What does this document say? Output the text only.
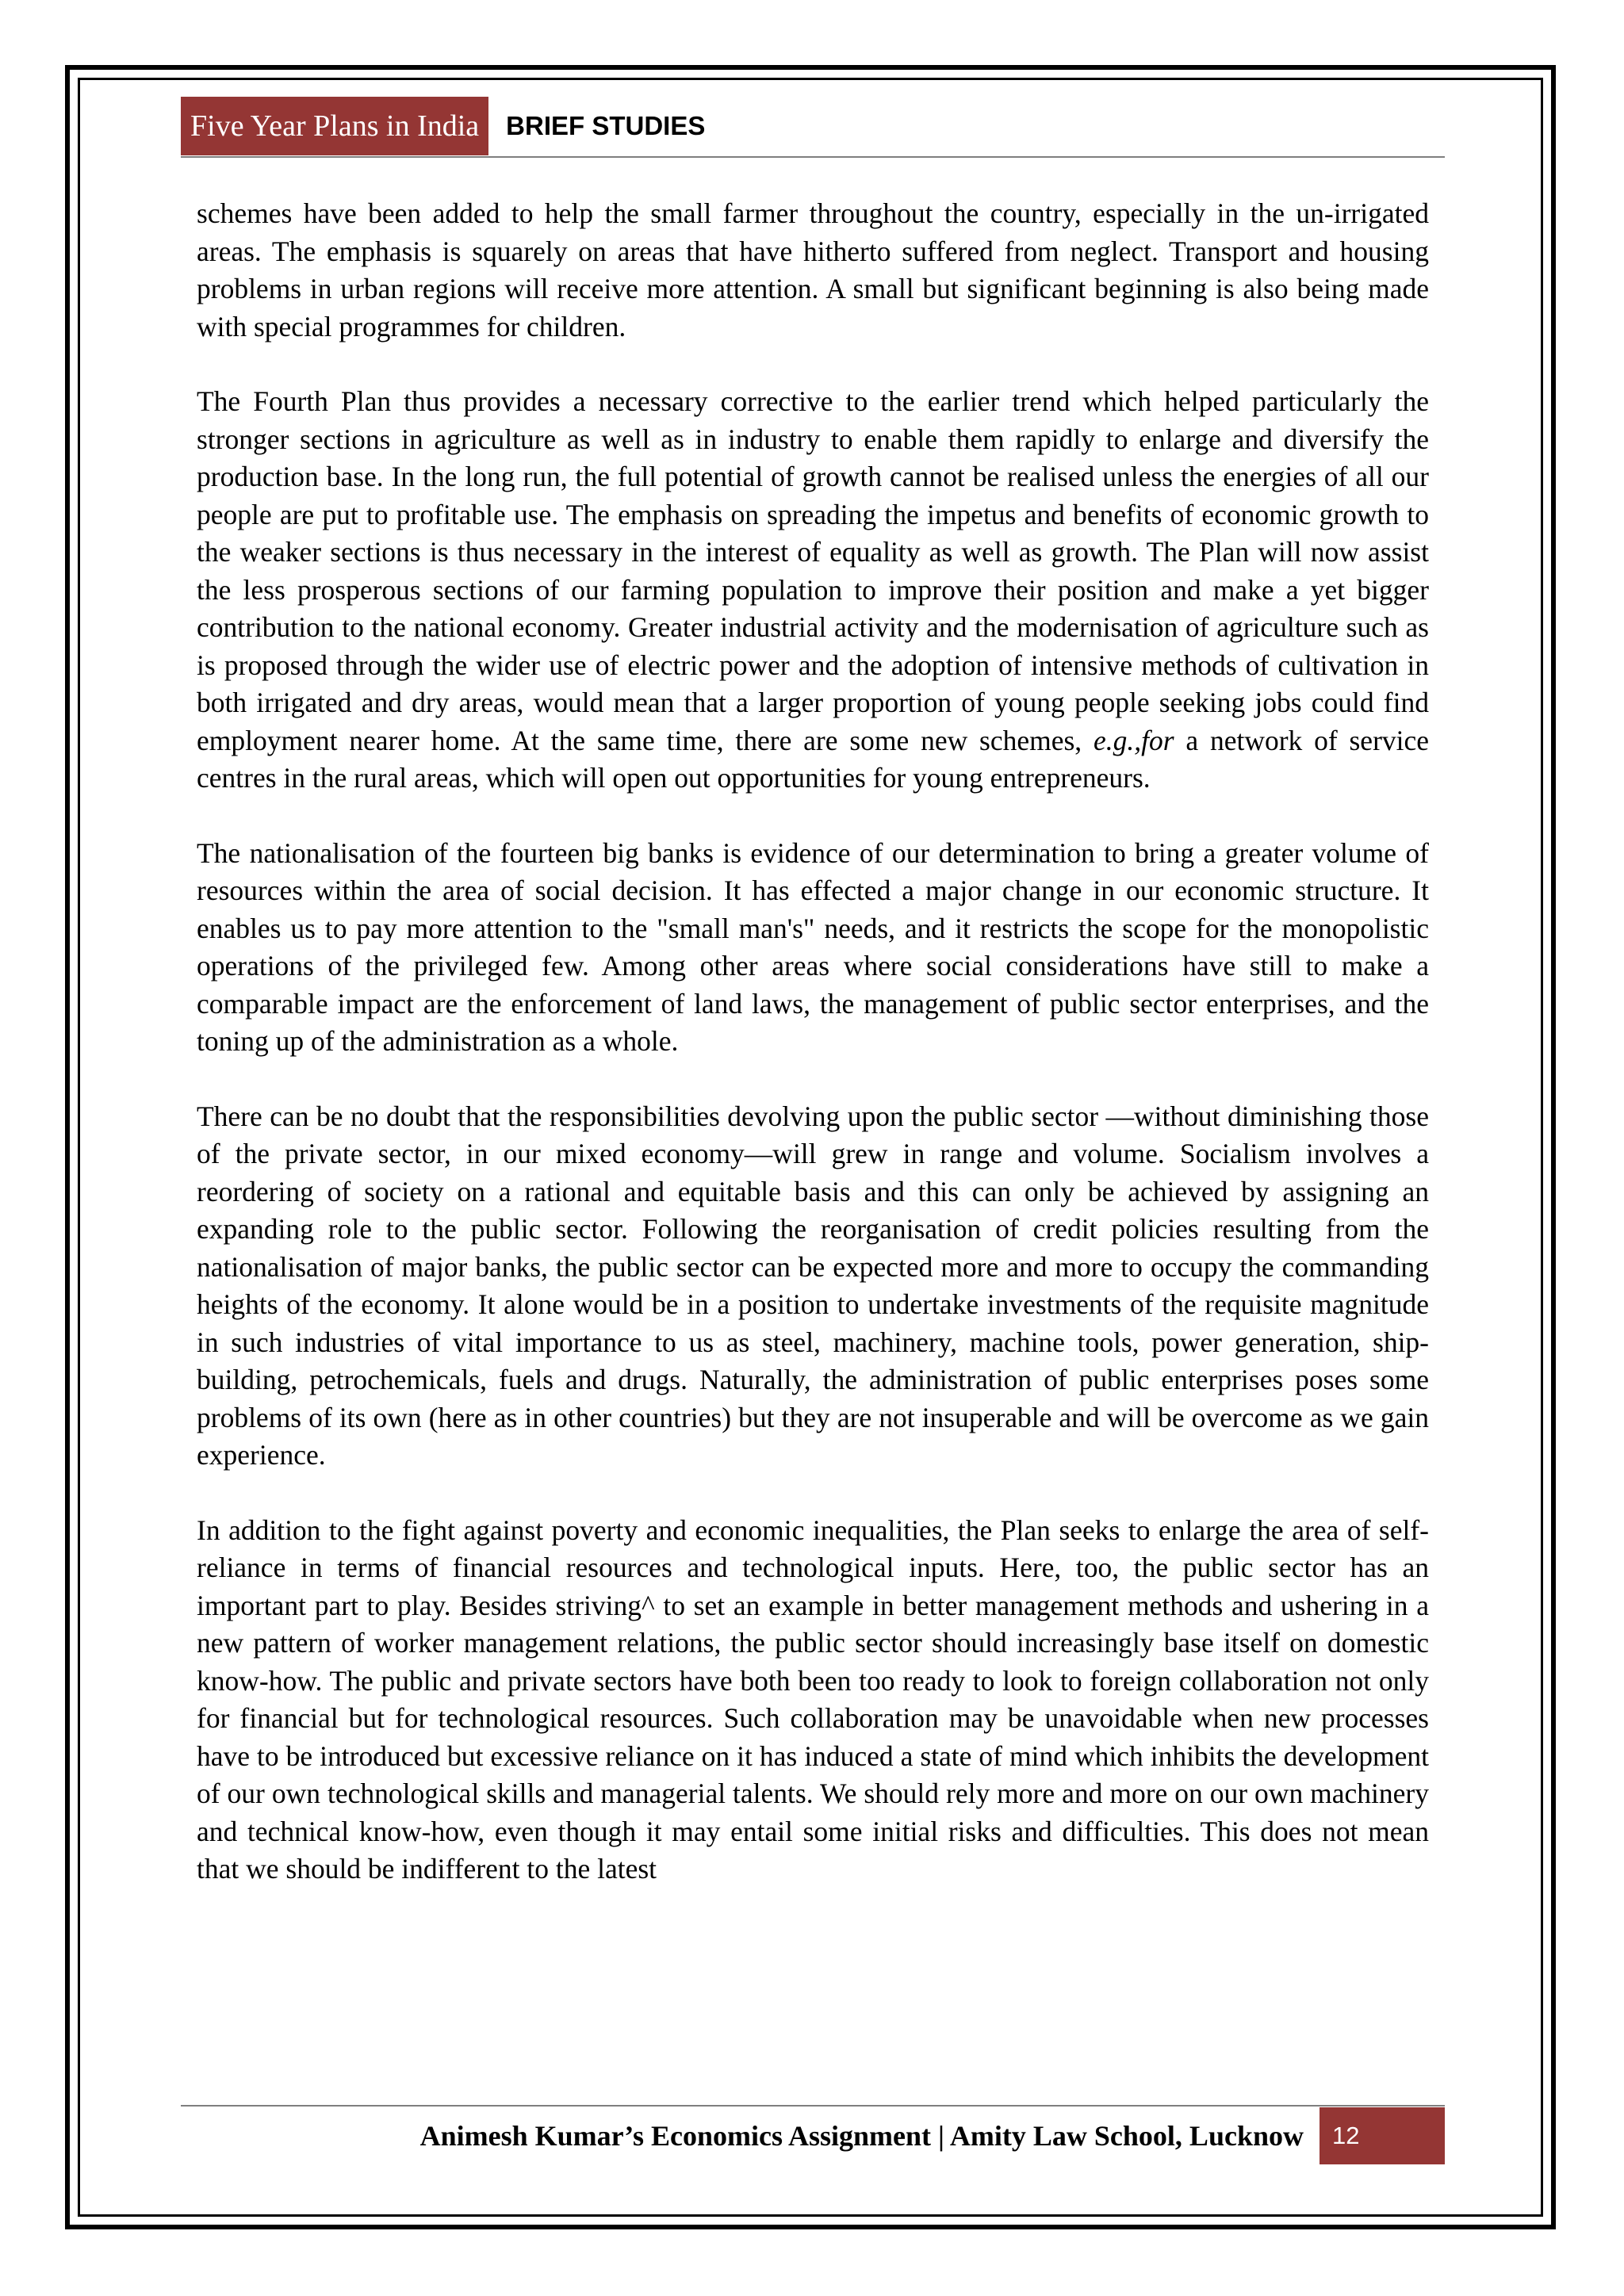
Five Year Plans in India	BRIEF STUDIES

schemes have been added to help the small farmer throughout the country, especially in the un-irrigated areas. The emphasis is squarely on areas that have hitherto suffered from neglect. Transport and housing problems in urban regions will receive more attention. A small but significant beginning is also being made with special programmes for children.

The Fourth Plan thus provides a necessary corrective to the earlier trend which helped particularly the stronger sections in agriculture as well as in industry to enable them rapidly to enlarge and diversify the production base. In the long run, the full potential of growth cannot be realised unless the energies of all our people are put to profitable use. The emphasis on spreading the impetus and benefits of economic growth to the weaker sections is thus necessary in the interest of equality as well as growth. The Plan will now assist the less prosperous sections of our farming population to improve their position and make a yet bigger contribution to the national economy. Greater industrial activity and the modernisation of agriculture such as is proposed through the wider use of electric power and the adoption of intensive methods of cultivation in both irrigated and dry areas, would mean that a larger proportion of young people seeking jobs could find employment nearer home. At the same time, there are some new schemes, e.g.,for a network of service centres in the rural areas, which will open out opportunities for young entrepreneurs.

The nationalisation of the fourteen big banks is evidence of our determination to bring a greater volume of resources within the area of social decision. It has effected a major change in our economic structure. It enables us to pay more attention to the "small man's" needs, and it restricts the scope for the monopolistic operations of the privileged few. Among other areas where social considerations have still to make a comparable impact are the enforcement of land laws, the management of public sector enterprises, and the toning up of the administration as a whole.

There can be no doubt that the responsibilities devolving upon the public sector —without diminishing those of the private sector, in our mixed economy—will grew in range and volume. Socialism involves a reordering of society on a rational and equitable basis and this can only be achieved by assigning an expanding role to the public sector. Following the reorganisation of credit policies resulting from the nationalisation of major banks, the public sector can be expected more and more to occupy the commanding heights of the economy. It alone would be in a position to undertake investments of the requisite magnitude in such industries of vital importance to us as steel, machinery, machine tools, power generation, ship-building, petrochemicals, fuels and drugs. Naturally, the administration of public enterprises poses some problems of its own (here as in other countries) but they are not insuperable and will be overcome as we gain experience.

In addition to the fight against poverty and economic inequalities, the Plan seeks to enlarge the area of self-reliance in terms of financial resources and technological inputs. Here, too, the public sector has an important part to play. Besides striving^ to set an example in better management methods and ushering in a new pattern of worker management relations, the public sector should increasingly base itself on domestic know-how. The public and private sectors have both been too ready to look to foreign collaboration not only for financial but for technological resources. Such collaboration may be unavoidable when new processes have to be introduced but excessive reliance on it has induced a state of mind which inhibits the development of our own technological skills and managerial talents. We should rely more and more on our own machinery and technical know-how, even though it may entail some initial risks and difficulties. This does not mean that we should be indifferent to the latest

Animesh Kumar’s Economics Assignment | Amity Law School, Lucknow	12
